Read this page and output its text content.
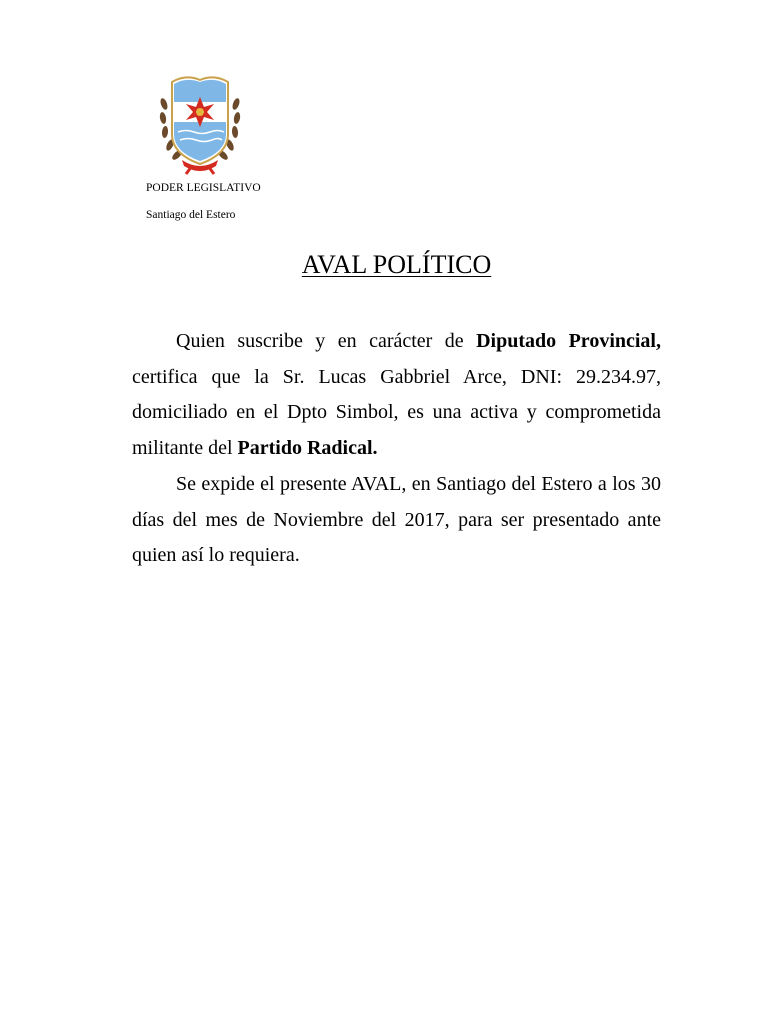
PODER LEGISLATIVO
Santiago del Estero
AVAL POLÍTICO

Quien suscribe y en carácter de Diputado Provincial, certifica que la Sr. Lucas Gabbriel Arce, DNI: 29.234.97, domiciliado en el Dpto Simbol, es una activa y comprometida militante del Partido Radical.

Se expide el presente AVAL, en Santiago del Estero a los 30 días del mes de Noviembre del 2017, para ser presentado ante quien así lo requiera.
